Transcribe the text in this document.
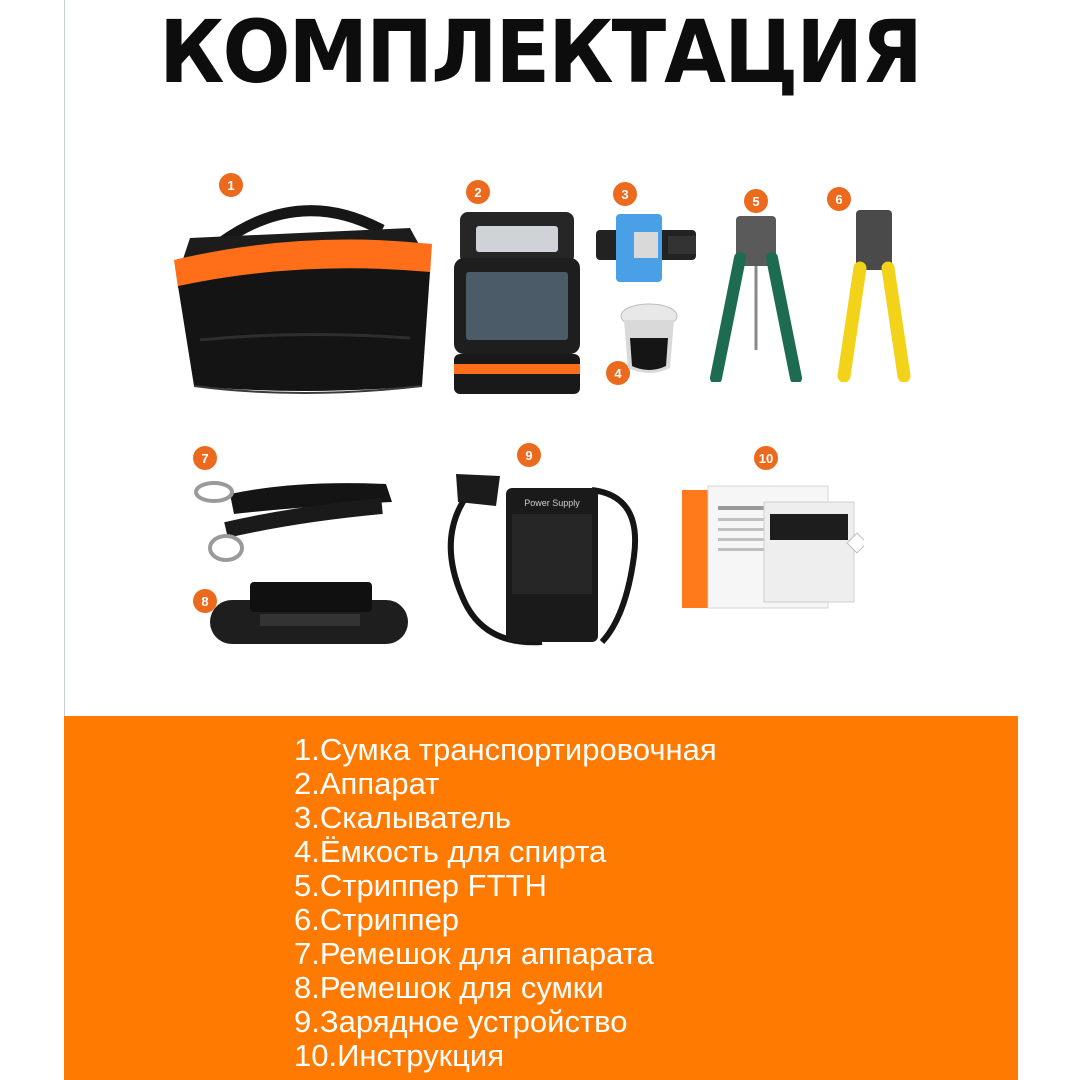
КОМПЛЕКТАЦИЯ
1	2	3
4
5	6
7
8
9
Power Supply
10
1.Сумка транспортировочная
2.Аппарат
3.Скалыватель
4.Ёмкость для спирта
5.Стриппер FTTH
6.Стриппер
7.Ремешок для аппарата
8.Ремешок для сумки
9.Зарядное устройство
10.Инструкция
